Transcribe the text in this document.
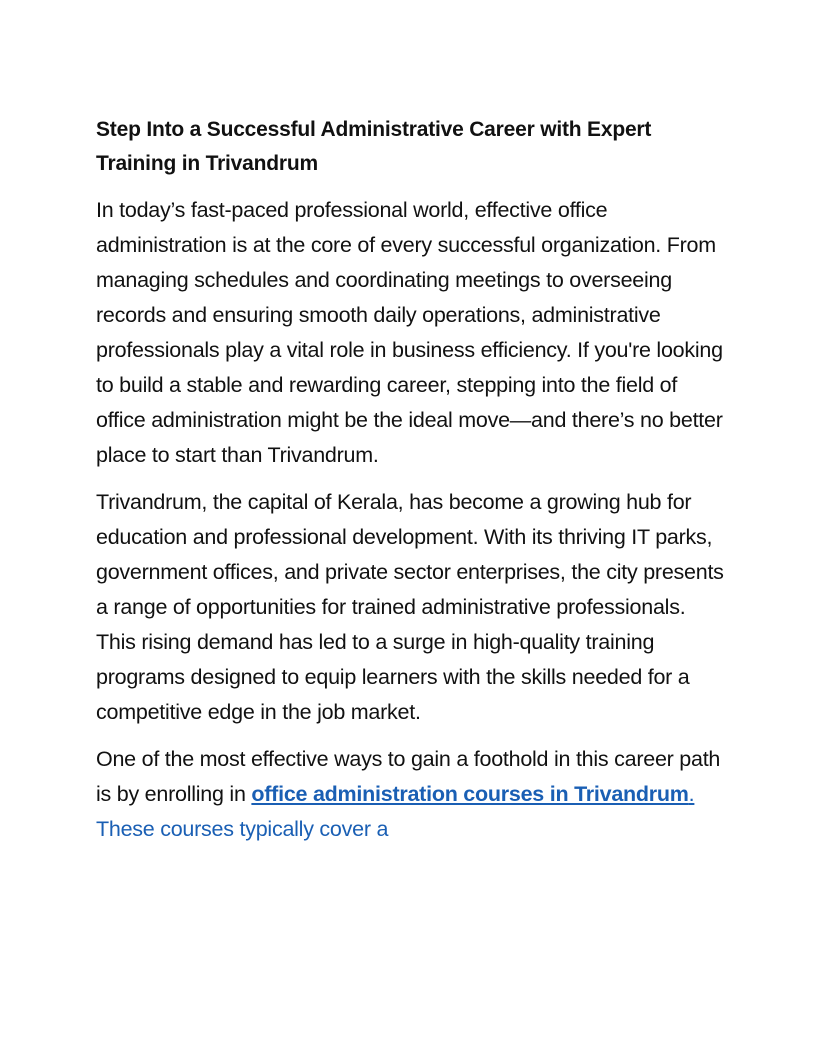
Step Into a Successful Administrative Career with Expert Training in Trivandrum

In today’s fast-paced professional world, effective office administration is at the core of every successful organization. From managing schedules and coordinating meetings to overseeing records and ensuring smooth daily operations, administrative professionals play a vital role in business efficiency. If you're looking to build a stable and rewarding career, stepping into the field of office administration might be the ideal move—and there’s no better place to start than Trivandrum.

Trivandrum, the capital of Kerala, has become a growing hub for education and professional development. With its thriving IT parks, government offices, and private sector enterprises, the city presents a range of opportunities for trained administrative professionals. This rising demand has led to a surge in high-quality training programs designed to equip learners with the skills needed for a competitive edge in the job market.

One of the most effective ways to gain a foothold in this career path is by enrolling in office administration courses in Trivandrum. These courses typically cover a
